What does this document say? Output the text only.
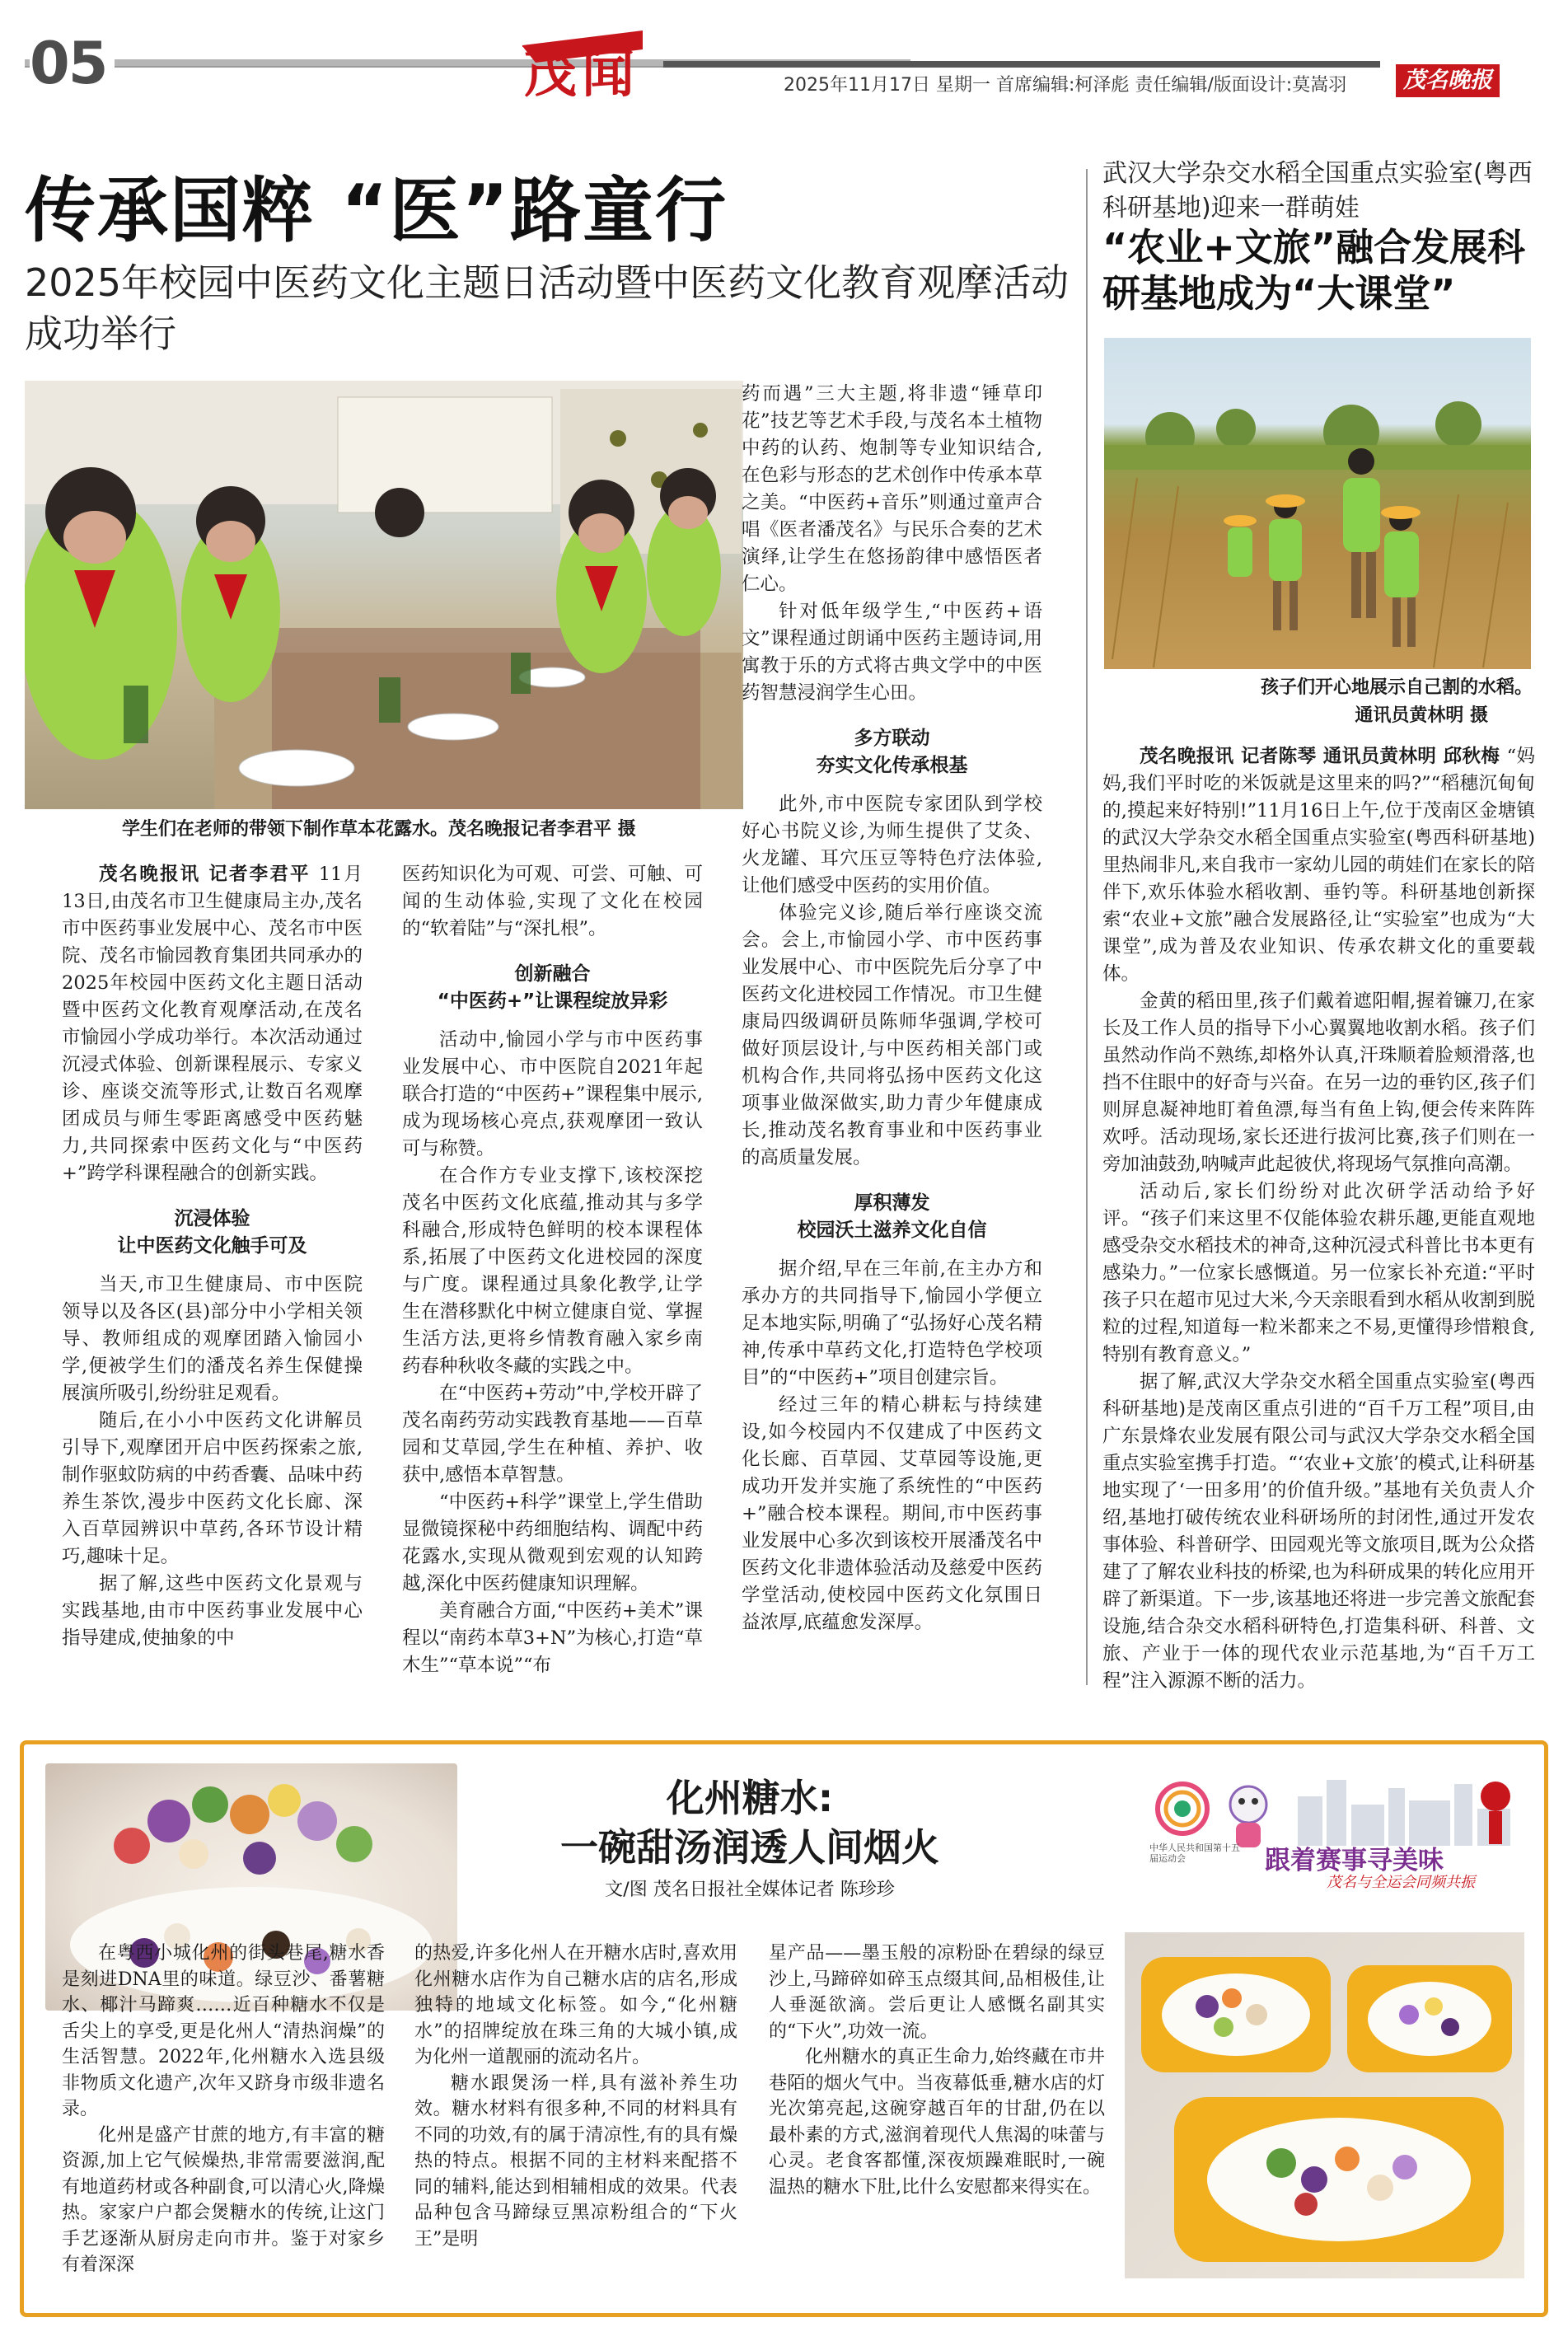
05	茂 闻	2025年11月17日 星期一 首席编辑:柯泽彪 责任编辑/版面设计:莫嵩羽	茂名晚报
传承国粹 “医”路童行
2025年校园中医药文化主题日活动暨中医药文化教育观摩活动成功举行
学生们在老师的带领下制作草本花露水。茂名晚报记者李君平 摄

茂名晚报讯 记者李君平 11月13日,由茂名市卫生健康局主办,茂名市中医药事业发展中心、茂名市中医院、茂名市愉园教育集团共同承办的2025年校园中医药文化主题日活动暨中医药文化教育观摩活动,在茂名市愉园小学成功举行。本次活动通过沉浸式体验、创新课程展示、专家义诊、座谈交流等形式,让数百名观摩团成员与师生零距离感受中医药魅力,共同探索中医药文化与“中医药+”跨学科课程融合的创新实践。

沉浸体验
让中医药文化触手可及

当天,市卫生健康局、市中医院领导以及各区(县)部分中小学相关领导、教师组成的观摩团踏入愉园小学,便被学生们的潘茂名养生保健操展演所吸引,纷纷驻足观看。

随后,在小小中医药文化讲解员引导下,观摩团开启中医药探索之旅,制作驱蚊防病的中药香囊、品味中药养生茶饮,漫步中医药文化长廊、深入百草园辨识中草药,各环节设计精巧,趣味十足。

据了解,这些中医药文化景观与实践基地,由市中医药事业发展中心指导建成,使抽象的中

医药知识化为可观、可尝、可触、可闻的生动体验,实现了文化在校园的“软着陆”与“深扎根”。

创新融合
“中医药+”让课程绽放异彩

活动中,愉园小学与市中医药事业发展中心、市中医院自2021年起联合打造的“中医药+”课程集中展示,成为现场核心亮点,获观摩团一致认可与称赞。

在合作方专业支撑下,该校深挖茂名中医药文化底蕴,推动其与多学科融合,形成特色鲜明的校本课程体系,拓展了中医药文化进校园的深度与广度。课程通过具象化教学,让学生在潜移默化中树立健康自觉、掌握生活方法,更将乡情教育融入家乡南药春种秋收冬藏的实践之中。

在“中医药+劳动”中,学校开辟了茂名南药劳动实践教育基地——百草园和艾草园,学生在种植、养护、收获中,感悟本草智慧。

“中医药+科学”课堂上,学生借助显微镜探秘中药细胞结构、调配中药花露水,实现从微观到宏观的认知跨越,深化中医药健康知识理解。

美育融合方面,“中医药+美术”课程以“南药本草3+N”为核心,打造“草木生”“草本说”“布

药而遇”三大主题,将非遗“锤草印花”技艺等艺术手段,与茂名本土植物中药的认药、炮制等专业知识结合,在色彩与形态的艺术创作中传承本草之美。“中医药+音乐”则通过童声合唱《医者潘茂名》与民乐合奏的艺术演绎,让学生在悠扬韵律中感悟医者仁心。

针对低年级学生,“中医药+语文”课程通过朗诵中医药主题诗词,用寓教于乐的方式将古典文学中的中医药智慧浸润学生心田。

多方联动
夯实文化传承根基

此外,市中医院专家团队到学校好心书院义诊,为师生提供了艾灸、火龙罐、耳穴压豆等特色疗法体验,让他们感受中医药的实用价值。

体验完义诊,随后举行座谈交流会。会上,市愉园小学、市中医药事业发展中心、市中医院先后分享了中医药文化进校园工作情况。市卫生健康局四级调研员陈师华强调,学校可做好顶层设计,与中医药相关部门或机构合作,共同将弘扬中医药文化这项事业做深做实,助力青少年健康成长,推动茂名教育事业和中医药事业的高质量发展。

厚积薄发
校园沃土滋养文化自信

据介绍,早在三年前,在主办方和承办方的共同指导下,愉园小学便立足本地实际,明确了“弘扬好心茂名精神,传承中草药文化,打造特色学校项目”的“中医药+”项目创建宗旨。

经过三年的精心耕耘与持续建设,如今校园内不仅建成了中医药文化长廊、百草园、艾草园等设施,更成功开发并实施了系统性的“中医药+”融合校本课程。期间,市中医药事业发展中心多次到该校开展潘茂名中医药文化非遗体验活动及慈爱中医药学堂活动,使校园中医药文化氛围日益浓厚,底蕴愈发深厚。

武汉大学杂交水稻全国重点实验室(粤西科研基地)迎来一群萌娃
“农业+文旅”融合发展科研基地成为“大课堂”
孩子们开心地展示自己割的水稻。
通讯员黄林明 摄

茂名晚报讯 记者陈琴 通讯员黄林明 邱秋梅 “妈妈,我们平时吃的米饭就是这里来的吗?”“稻穗沉甸甸的,摸起来好特别!”11月16日上午,位于茂南区金塘镇的武汉大学杂交水稻全国重点实验室(粤西科研基地)里热闹非凡,来自我市一家幼儿园的萌娃们在家长的陪伴下,欢乐体验水稻收割、垂钓等。科研基地创新探索“农业+文旅”融合发展路径,让“实验室”也成为“大课堂”,成为普及农业知识、传承农耕文化的重要载体。

金黄的稻田里,孩子们戴着遮阳帽,握着镰刀,在家长及工作人员的指导下小心翼翼地收割水稻。孩子们虽然动作尚不熟练,却格外认真,汗珠顺着脸颊滑落,也挡不住眼中的好奇与兴奋。在另一边的垂钓区,孩子们则屏息凝神地盯着鱼漂,每当有鱼上钩,便会传来阵阵欢呼。活动现场,家长还进行拔河比赛,孩子们则在一旁加油鼓劲,呐喊声此起彼伏,将现场气氛推向高潮。

活动后,家长们纷纷对此次研学活动给予好评。“孩子们来这里不仅能体验农耕乐趣,更能直观地感受杂交水稻技术的神奇,这种沉浸式科普比书本更有感染力。”一位家长感慨道。另一位家长补充道:“平时孩子只在超市见过大米,今天亲眼看到水稻从收割到脱粒的过程,知道每一粒米都来之不易,更懂得珍惜粮食,特别有教育意义。”

据了解,武汉大学杂交水稻全国重点实验室(粤西科研基地)是茂南区重点引进的“百千万工程”项目,由广东景烽农业发展有限公司与武汉大学杂交水稻全国重点实验室携手打造。“‘农业+文旅’的模式,让科研基地实现了‘一田多用’的价值升级。”基地有关负责人介绍,基地打破传统农业科研场所的封闭性,通过开发农事体验、科普研学、田园观光等文旅项目,既为公众搭建了了解农业科技的桥梁,也为科研成果的转化应用开辟了新渠道。下一步,该基地还将进一步完善文旅配套设施,结合杂交水稻科研特色,打造集科研、科普、文旅、产业于一体的现代农业示范基地,为“百千万工程”注入源源不断的活力。

化州糖水:
一碗甜汤润透人间烟火
文/图 茂名日报社全媒体记者 陈珍珍
中华人民共和国第十五届运动会	跟着赛事寻美味
茂名与全运会同频共振

在粤西小城化州的街头巷尾,糖水香是刻进DNA里的味道。绿豆沙、番薯糖水、椰汁马蹄爽……近百种糖水不仅是舌尖上的享受,更是化州人“清热润燥”的生活智慧。2022年,化州糖水入选县级非物质文化遗产,次年又跻身市级非遗名录。

化州是盛产甘蔗的地方,有丰富的糖资源,加上它气候燥热,非常需要滋润,配有地道药材或各种副食,可以清心火,降燥热。家家户户都会煲糖水的传统,让这门手艺逐渐从厨房走向市井。鉴于对家乡有着深深

的热爱,许多化州人在开糖水店时,喜欢用化州糖水店作为自己糖水店的店名,形成独特的地域文化标签。如今,“化州糖水”的招牌绽放在珠三角的大城小镇,成为化州一道靓丽的流动名片。

糖水跟煲汤一样,具有滋补养生功效。糖水材料有很多种,不同的材料具有不同的功效,有的属于清凉性,有的具有燥热的特点。根据不同的主材料来配搭不同的辅料,能达到相辅相成的效果。代表品种包含马蹄绿豆黑凉粉组合的“下火王”是明

星产品——墨玉般的凉粉卧在碧绿的绿豆沙上,马蹄碎如碎玉点缀其间,品相极佳,让人垂涎欲滴。尝后更让人感慨名副其实的“下火”,功效一流。

化州糖水的真正生命力,始终藏在市井巷陌的烟火气中。当夜幕低垂,糖水店的灯光次第亮起,这碗穿越百年的甘甜,仍在以最朴素的方式,滋润着现代人焦渴的味蕾与心灵。老食客都懂,深夜烦躁难眠时,一碗温热的糖水下肚,比什么安慰都来得实在。
